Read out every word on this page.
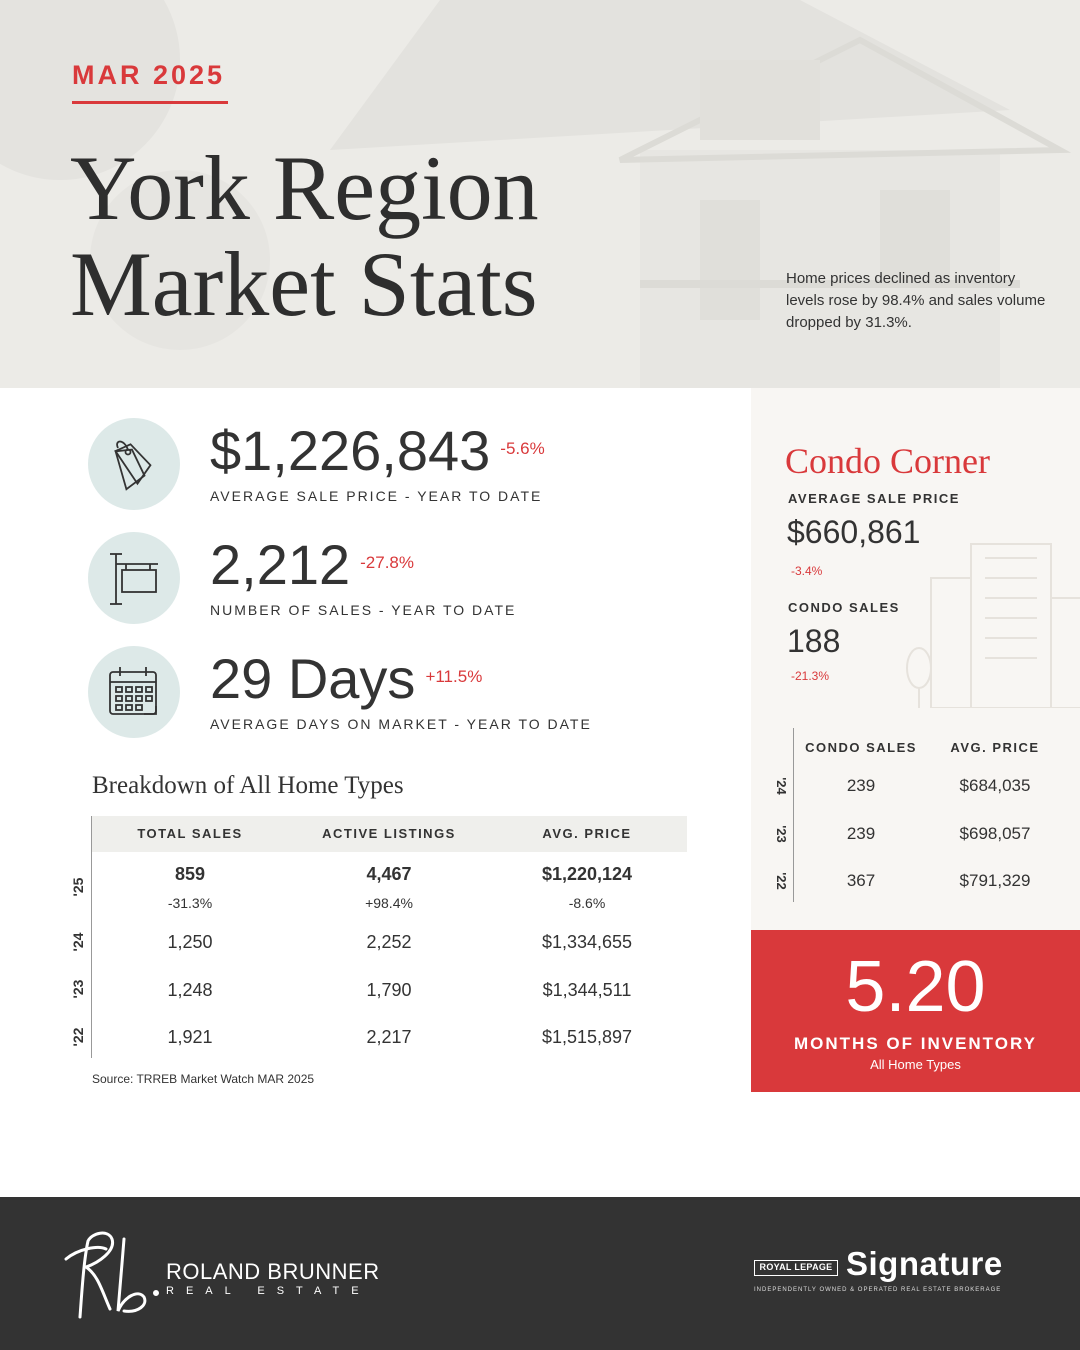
MAR 2025
York Region
Market Stats	Home prices declined as inventory levels rose by 98.4% and sales volume dropped by 31.3%.
$1,226,843 -5.6%
AVERAGE SALE PRICE - YEAR TO DATE
2,212 -27.8%
NUMBER OF SALES - YEAR TO DATE
29 Days +11.5%
AVERAGE DAYS ON MARKET - YEAR TO DATE
Breakdown of All Home Types
TOTAL SALES	ACTIVE LISTINGS	AVG. PRICE
'25
859	4,467	$1,220,124
-31.3%	+98.4%	-8.6%
'24	1,250	2,252	$1,334,655
'23	1,248	1,790	$1,344,511
'22	1,921	2,217	$1,515,897
Source: TRREB Market Watch MAR 2025
Condo Corner
AVERAGE SALE PRICE
$660,861
-3.4%
CONDO SALES
188
-21.3%
CONDO SALES	AVG. PRICE
'24	239	$684,035
'23	239	$698,057
'22	367	$791,329
5.20
MONTHS OF INVENTORY
All Home Types
ROLAND BRUNNER
REAL ESTATE
ROYAL LEPAGE Signature
INDEPENDENTLY OWNED & OPERATED REAL ESTATE BROKERAGE
